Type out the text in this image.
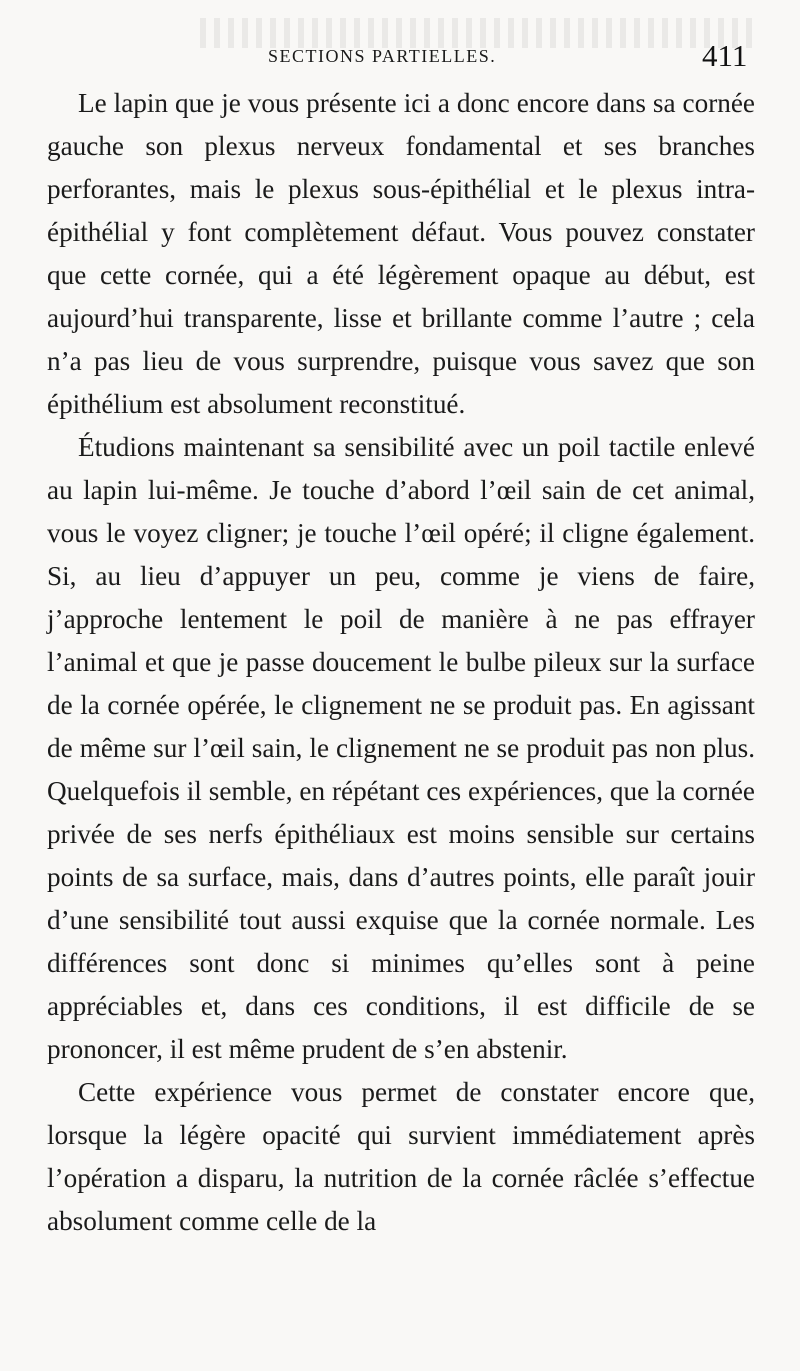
SECTIONS PARTIELLES.	411

Le lapin que je vous présente ici a donc encore dans sa cornée gauche son plexus nerveux fondamental et ses branches perforantes, mais le plexus sous-épithélial et le plexus intra-épithélial y font complètement défaut. Vous pouvez constater que cette cornée, qui a été légèrement opaque au début, est aujourd’hui transparente, lisse et brillante comme l’autre ; cela n’a pas lieu de vous surprendre, puisque vous savez que son épithélium est absolument reconstitué.

Étudions maintenant sa sensibilité avec un poil tactile enlevé au lapin lui-même. Je touche d’abord l’œil sain de cet animal, vous le voyez cligner; je touche l’œil opéré; il cligne également. Si, au lieu d’appuyer un peu, comme je viens de faire, j’approche lentement le poil de manière à ne pas effrayer l’animal et que je passe doucement le bulbe pileux sur la surface de la cornée opérée, le clignement ne se produit pas. En agissant de même sur l’œil sain, le clignement ne se produit pas non plus. Quelquefois il semble, en répétant ces expériences, que la cornée privée de ses nerfs épithéliaux est moins sensible sur certains points de sa surface, mais, dans d’autres points, elle paraît jouir d’une sensibilité tout aussi exquise que la cornée normale. Les différences sont donc si minimes qu’elles sont à peine appréciables et, dans ces conditions, il est difficile de se prononcer, il est même prudent de s’en abstenir.

Cette expérience vous permet de constater encore que, lorsque la légère opacité qui survient immédiatement après l’opération a disparu, la nutrition de la cornée râclée s’effectue absolument comme celle de la
